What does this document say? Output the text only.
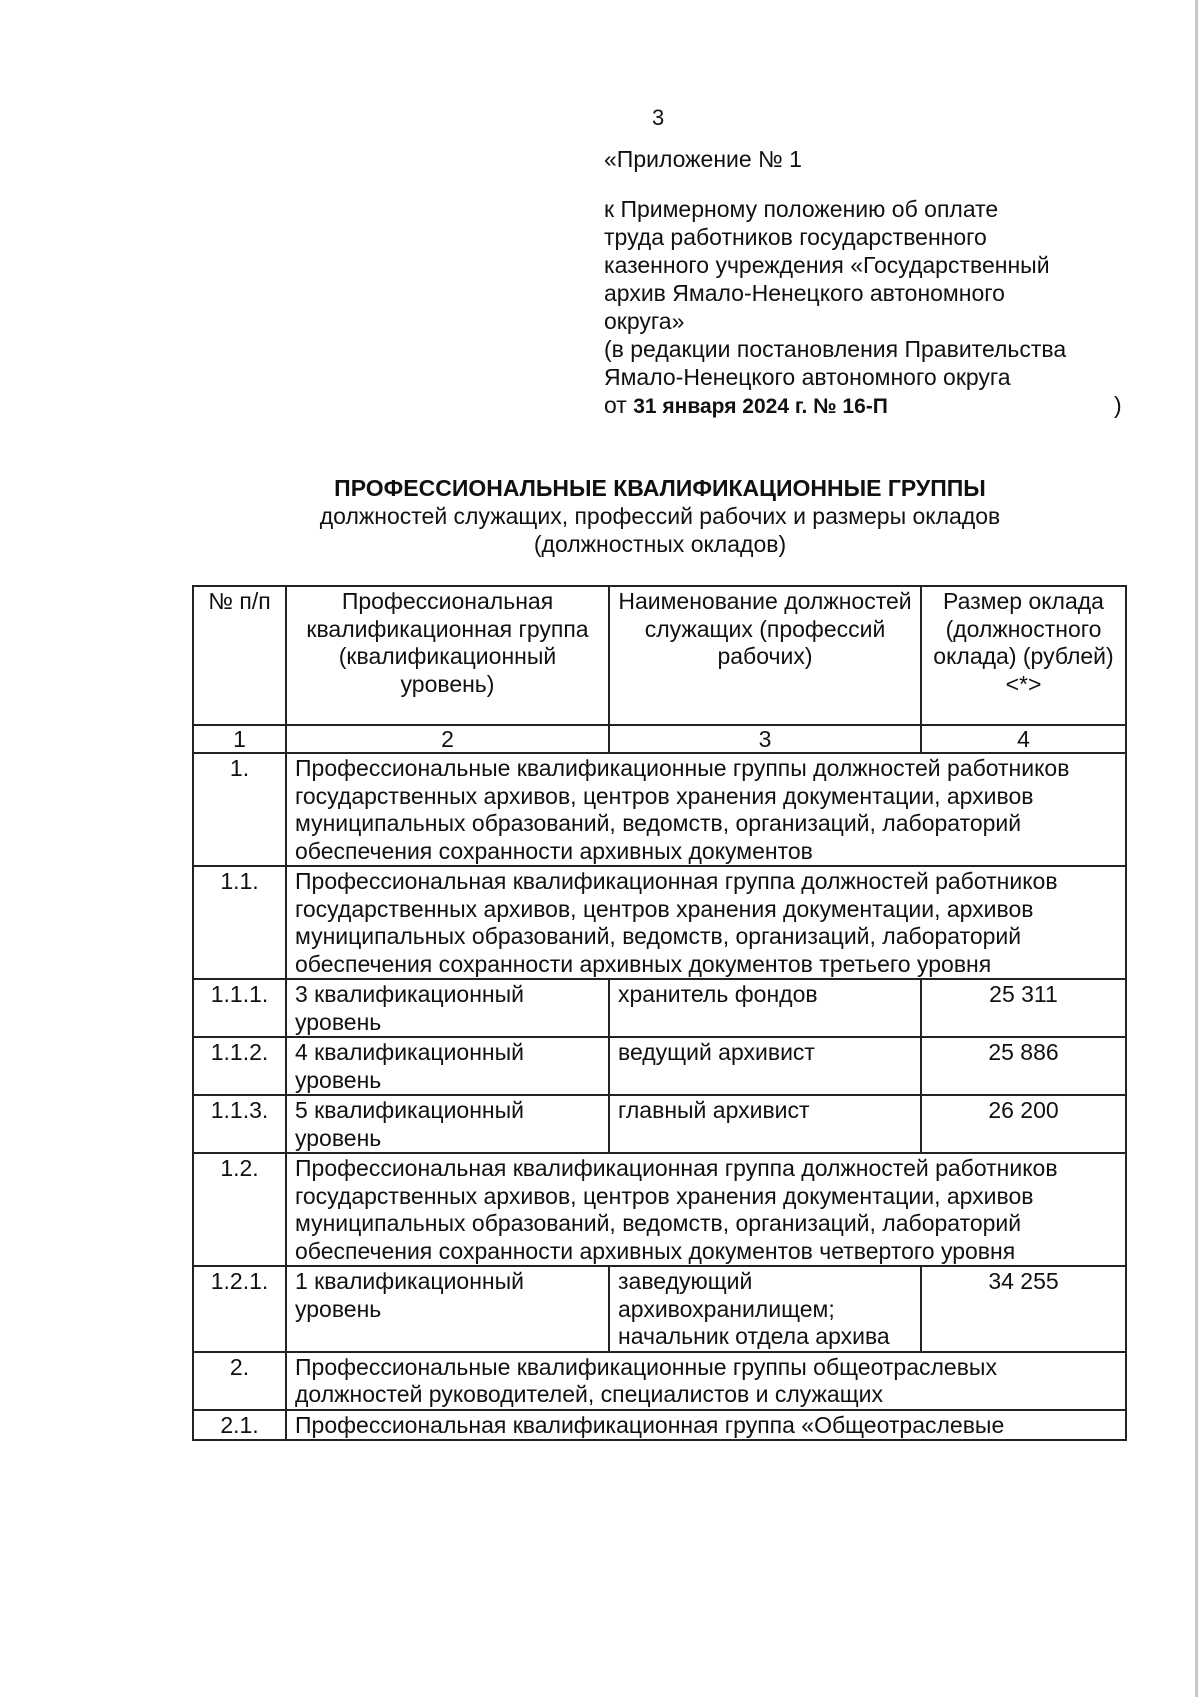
3
«Приложение № 1
к Примерному положению об оплате
труда работников государственного
казенного учреждения «Государственный
архив Ямало-Ненецкого автономного
округа»
(в редакции постановления Правительства
Ямало-Ненецкого автономного округа
от 31 января 2024 г. № 16-П	)
ПРОФЕССИОНАЛЬНЫЕ КВАЛИФИКАЦИОННЫЕ ГРУППЫ
должностей служащих, профессий рабочих и размеры окладов
(должностных окладов)
№ п/п	Профессиональная квалификационная группа (квалификационный уровень)	Наименование должностей служащих (профессий рабочих)	Размер оклада (должностного оклада) (рублей) <*>
1	2	3	4
1.	Профессиональные квалификационные группы должностей работников государственных архивов, центров хранения документации, архивов муниципальных образований, ведомств, организаций, лабораторий обеспечения сохранности архивных документов		
1.1.	Профессиональная квалификационная группа должностей работников государственных архивов, центров хранения документации, архивов муниципальных образований, ведомств, организаций, лабораторий обеспечения сохранности архивных документов третьего уровня		
1.1.1.	3 квалификационный уровень	хранитель фондов	25 311
1.1.2.	4 квалификационный уровень	ведущий архивист	25 886
1.1.3.	5 квалификационный уровень	главный архивист	26 200
1.2.	Профессиональная квалификационная группа должностей работников государственных архивов, центров хранения документации, архивов муниципальных образований, ведомств, организаций, лабораторий обеспечения сохранности архивных документов четвертого уровня		
1.2.1.	1 квалификационный уровень	заведующий архивохранилищем; начальник отдела архива	34 255
2.	Профессиональные квалификационные группы общеотраслевых должностей руководителей, специалистов и служащих		
2.1.	Профессиональная квалификационная группа «Общеотраслевые		
